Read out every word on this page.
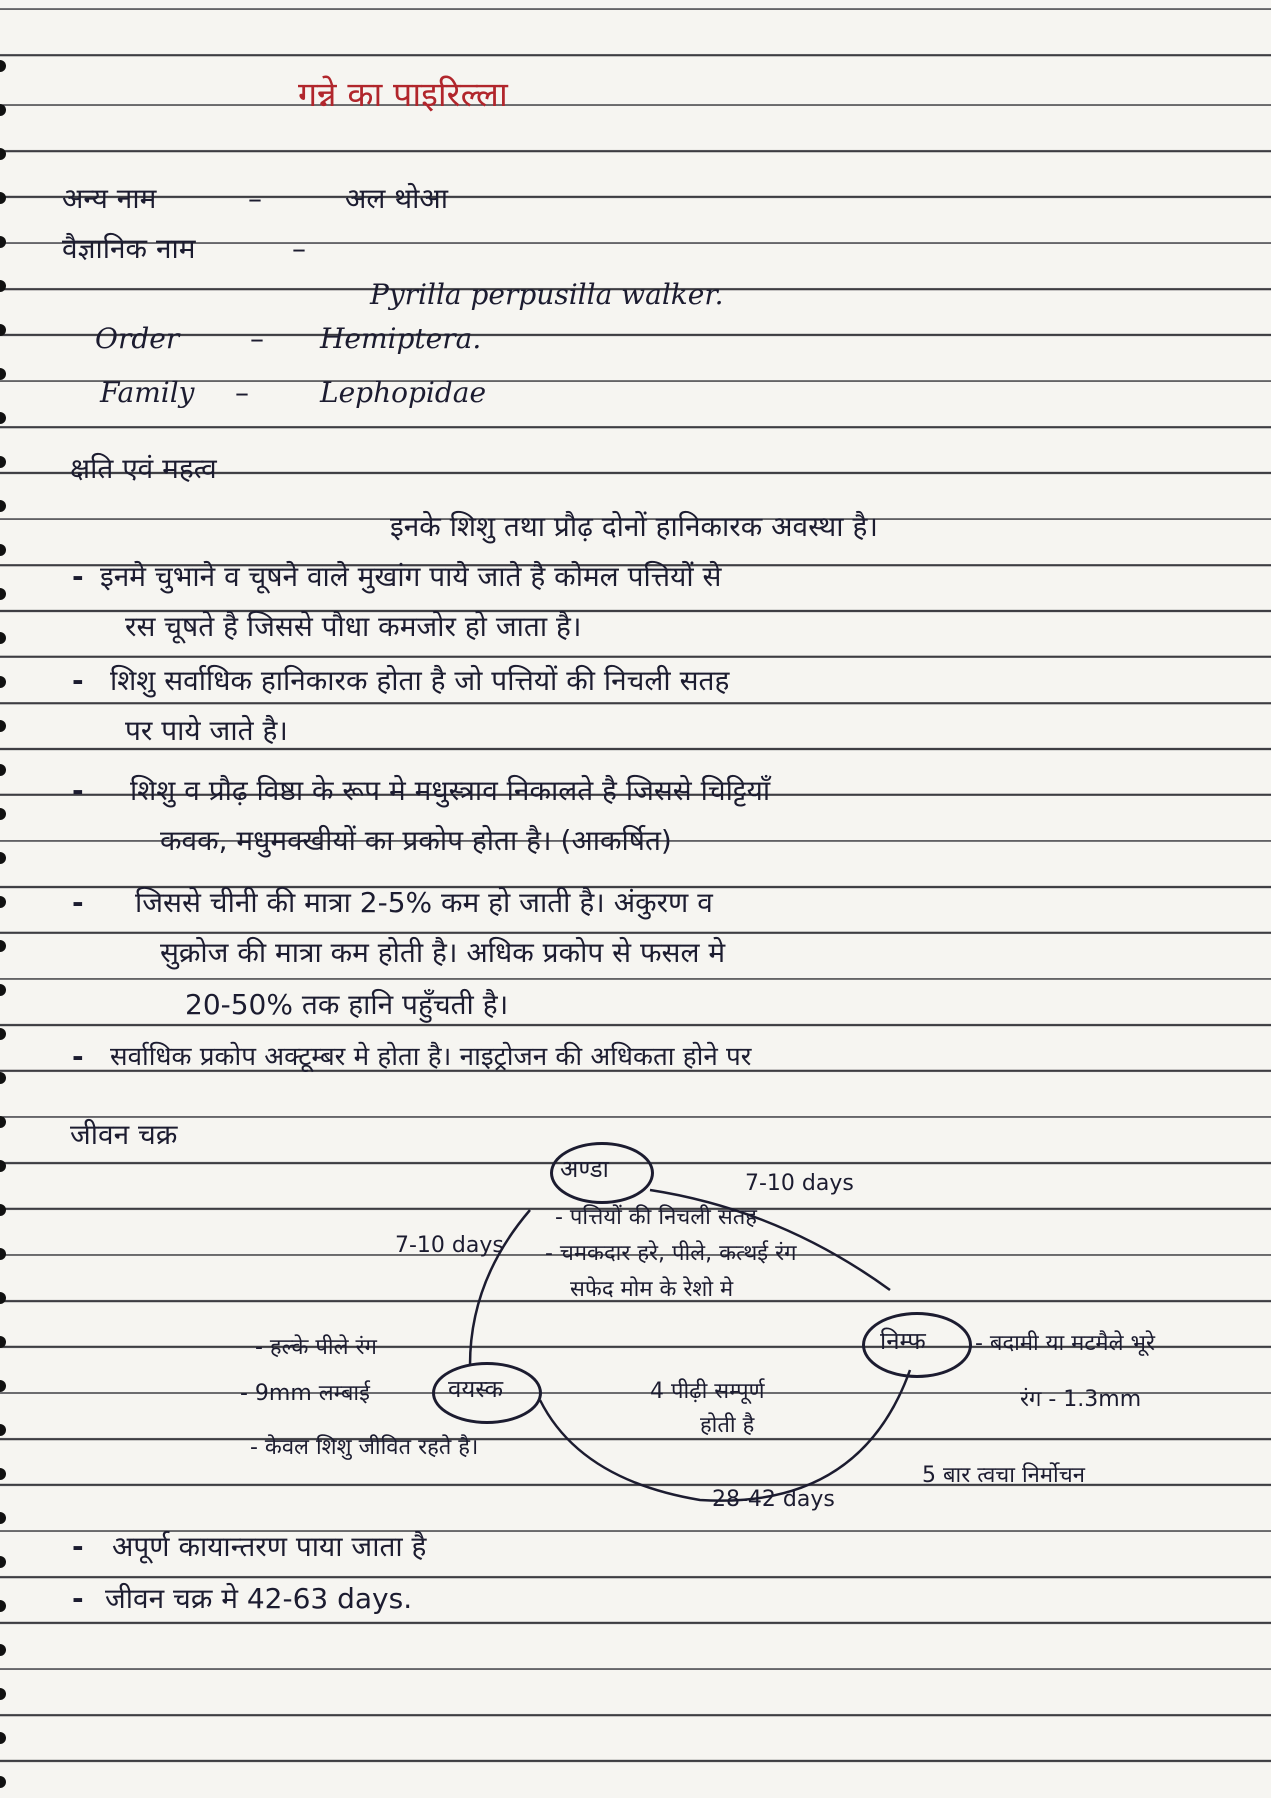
गन्ने का पाइरिल्ला
अन्य नाम	–	अल थोआ
वैज्ञानिक नाम	–
Pyrilla perpusilla walker.
Order	– Hemiptera.
Family –	Lephopidae
क्षति एवं महत्व
इनके शिशु तथा प्रौढ़ दोनों हानिकारक अवस्था है।
- इनमे चुभाने व चूषने वाले मुखांग पाये जाते है कोमल पत्तियों से
रस चूषते है जिससे पौधा कमजोर हो जाता है।
- शिशु सर्वाधिक हानिकारक होता है जो पत्तियों की निचली सतह
पर पाये जाते है।
- शिशु व प्रौढ़ विष्ठा के रूप मे मधुस्त्राव निकालते है जिससे चिट्टियाँ
कवक, मधुमक्खीयों का प्रकोप होता है। (आकर्षित)
- जिससे चीनी की मात्रा 2-5% कम हो जाती है। अंकुरण व
सुक्रोज की मात्रा कम होती है। अधिक प्रकोप से फसल मे
20-50% तक हानि पहुँचती है।
- सर्वाधिक प्रकोप अक्टूम्बर मे होता है। नाइट्रोजन की अधिकता होने पर
जीवन चक्र
अण्डा
7-10 days
- पत्तियों की निचली सतह
- चमकदार हरे, पीले, कत्थई रंग
सफेद मोम के रेशो मे
7-10 days
निम्फ - बदामी या मटमैले भूरे
रंग - 1.3mm
5 बार त्वचा निर्मोचन
वयस्क
- हल्के पीले रंग
- 9mm लम्बाई
- केवल शिशु जीवित रहते है।
4 पीढ़ी सम्पूर्ण
होती है
28-42 days
- अपूर्ण कायान्तरण पाया जाता है
- जीवन चक्र मे 42-63 days.
